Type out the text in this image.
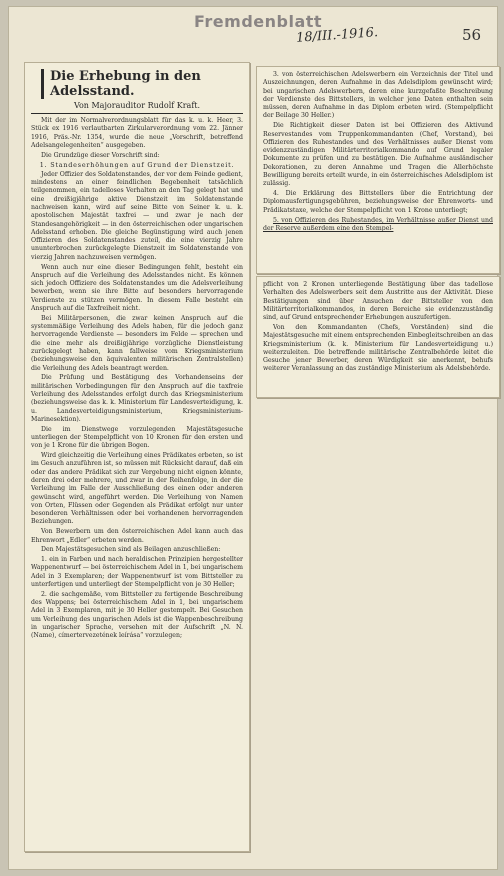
Fremdenblatt
18/III.-1916.	56
Die Erhebung in den Adelsstand.
Von Majorauditor Rudolf Kraft.

Mit der im Normalverordnungsblatt für das k. u. k. Heer, 3. Stück ex 1916 verlautbarten Zirkularverordnung vom 22. Jänner 1916, Präs.-Nr. 1354, wurde die neue „Vorschrift, betreffend Adelsangelegenheiten“ ausgegeben.

Die Grundzüge dieser Vorschrift sind:

1. Standeserhöhungen auf Grund der Dienstzeit.

Jeder Offizier des Soldatenstandes, der vor dem Feinde gedient, mindestens an einer feindlichen Begebenheit tatsächlich teilgenommen, ein tadelloses Verhalten an den Tag gelegt hat und eine dreißigjährige aktive Dienstzeit im Soldatenstande nachweisen kann, wird auf seine Bitte von Seiner k. u. k. apostolischen Majestät taxfrei — und zwar je nach der Standesangehörigkeit — in den österreichischen oder ungarischen Adelsstand erhoben. Die gleiche Begünstigung wird auch jenen Offizieren des Soldatenstandes zuteil, die eine vierzig Jahre ununterbrochen zurückgelegte Dienstzeit im Soldatenstande von vierzig Jahren nachzuweisen vermögen.

Wenn auch nur eine dieser Bedingungen fehlt, besteht ein Anspruch auf die Verleihung des Adelsstandes nicht. Es können sich jedoch Offiziere des Soldatenstandes um die Adelsverleihung bewerben, wenn sie ihre Bitte auf besonders hervorragende Verdienste zu stützen vermögen. In diesem Falle besteht ein Anspruch auf die Taxfreiheit nicht.

Bei Militärpersonen, die zwar keinen Anspruch auf die systemmäßige Verleihung des Adels haben, für die jedoch ganz hervorragende Verdienste — besonders im Felde — sprechen und die eine mehr als dreißigjährige vorzügliche Dienstleistung zurückgelegt haben, kann fallweise vom Kriegsministerium (beziehungsweise den äquivalenten militärischen Zentralstellen) die Verleihung des Adels beantragt werden.

Die Prüfung und Bestätigung des Vorhandenseins der militärischen Vorbedingungen für den Anspruch auf die taxfreie Verleihung des Adelsstandes erfolgt durch das Kriegsministerium (beziehungsweise das k. k. Ministerium für Landesverteidigung, k. u. Landesverteidigungsministerium, Kriegsministerium-Marinesektion).

Die im Dienstwege vorzulegenden Majestätsgesuche unterliegen der Stempelpflicht von 10 Kronen für den ersten und von je 1 Krone für die übrigen Bogen.

Wird gleichzeitig die Verleihung eines Prädikates erbeten, so ist im Gesuch anzuführen ist, so müssen mit Rücksicht darauf, daß ein oder das andere Prädikat sich zur Vergebung nicht eignen könnte, deren drei oder mehrere, und zwar in der Reihenfolge, in der die Verleihung im Falle der Ausschließung des einen oder anderen gewünscht wird, angeführt werden. Die Verleihung von Namen von Orten, Flüssen oder Gegenden als Prädikat erfolgt nur unter besonderen Verhältnissen oder bei vorhandenen hervorragenden Beziehungen.

Von Bewerbern um den österreichischen Adel kann auch das Ehrenwort „Edler“ erbeten werden.

Den Majestätsgesuchen sind als Beilagen anzuschließen:

1. ein in Farben und nach heraldischen Prinzipien hergestellter Wappenentwurf — bei österreichischem Adel in 1, bei ungarischem Adel in 3 Exemplaren; der Wappenentwurf ist vom Bittsteller zu unterfertigen und unterliegt der Stempelpflicht von je 30 Heller;

2. die sachgemäße, vom Bittsteller zu fertigende Beschreibung des Wappens; bei österreichischem Adel in 1, bei ungarischem Adel in 3 Exemplaren, mit je 30 Heller gestempelt. Bei Gesuchen um Verleihung des ungarischen Adels ist die Wappenbeschreibung in ungarischer Sprache, versehen mit der Aufschrift „N. N. (Name), címertervezetének leírása“ vorzulegen;

3. von österreichischen Adelswerbern ein Verzeichnis der Titel und Auszeichnungen, deren Aufnahme in das Adelsdiplom gewünscht wird; bei ungarischen Adelswerbern, deren eine kurzgefaßte Beschreibung der Verdienste des Bittstellers, in welcher jene Daten enthalten sein müssen, deren Aufnahme in das Diplom erbeten wird. (Stempelpflicht der Beilage 30 Heller.)

Die Richtigkeit dieser Daten ist bei Offizieren des Aktivund Reservestandes vom Truppenkommandanten (Chef, Vorstand), bei Offizieren des Ruhestandes und des Verhältnisses außer Dienst vom evidenzzuständigen Militärterritorialkommando auf Grund legaler Dokumente zu prüfen und zu bestätigen. Die Aufnahme ausländischer Dekorationen, zu deren Annahme und Tragen die Allerhöchste Bewilligung bereits erteilt wurde, in ein österreichisches Adelsdiplom ist zulässig.

4. Die Erklärung des Bittstellers über die Entrichtung der Diplomausfertigungsgebühren, beziehungsweise der Ehrenworts- und Prädikatstaxe, welche der Stempelpflicht von 1 Krone unterliegt;

5. von Offizieren des Ruhestandes, im Verhältnisse außer Dienst und der Reserve außerdem eine den Stempel-

pflicht von 2 Kronen unterliegende Bestätigung über das tadellose Verhalten des Adelswerbers seit dem Austritte aus der Aktivität. Diese Bestätigungen sind über Ansuchen der Bittsteller von den Militärterritorialkommandos, in deren Bereiche sie evidenzzuständig sind, auf Grund entsprechender Erhebungen auszufertigen.

Von den Kommandanten (Chefs, Vorständen) sind die Majestätsgesuche mit einem entsprechenden Einbegleitschreiben an das Kriegsministerium (k. k. Ministerium für Landesverteidigung u.) weiterzuleiten. Die betreffende militärische Zentralbehörde leitet die Gesuche jener Bewerber, deren Würdigkeit sie anerkennt, behufs weiterer Veranlassung an das zuständige Ministerium als Adelsbehörde.
